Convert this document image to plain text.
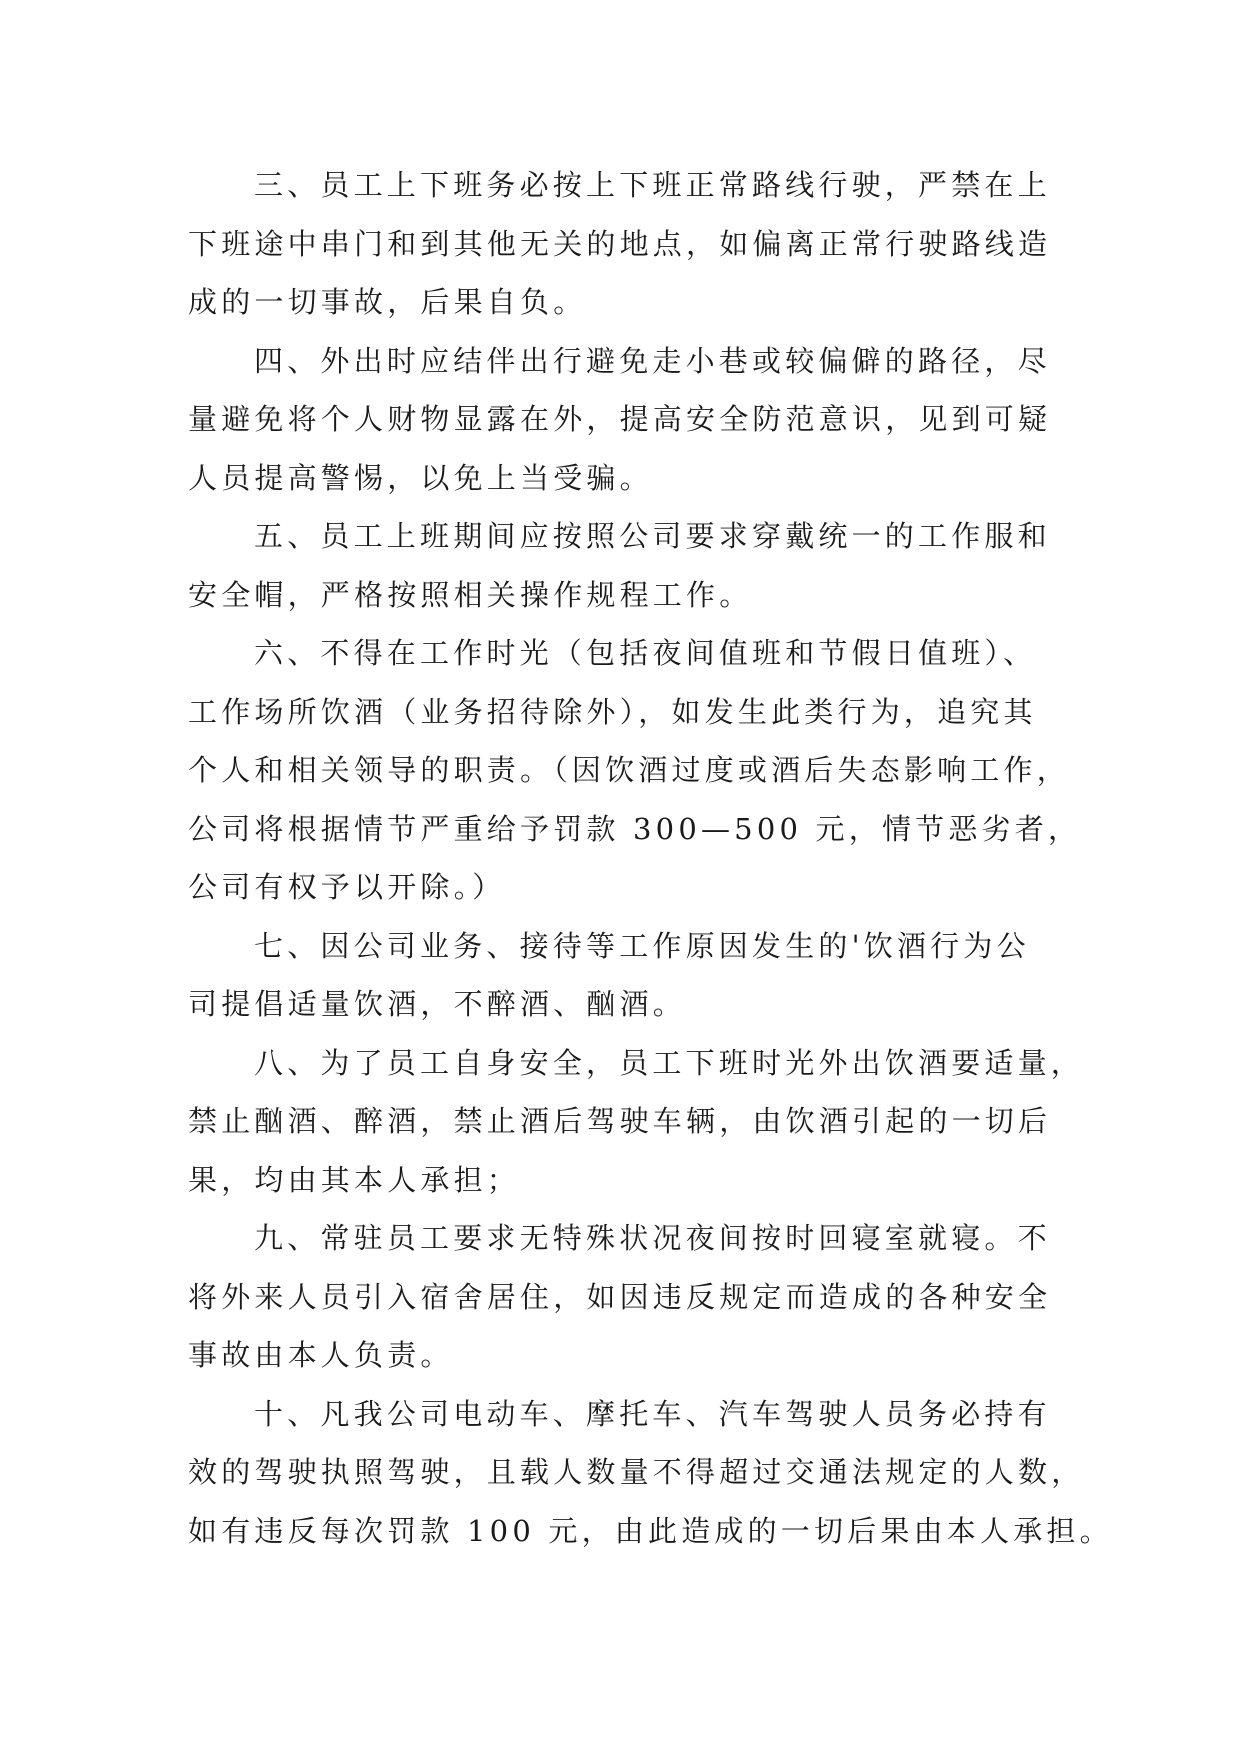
三、员工上下班务必按上下班正常路线行驶，严禁在上
下班途中串门和到其他无关的地点，如偏离正常行驶路线造
成的一切事故，后果自负。
四、外出时应结伴出行避免走小巷或较偏僻的路径，尽
量避免将个人财物显露在外，提高安全防范意识，见到可疑
人员提高警惕，以免上当受骗。
五、员工上班期间应按照公司要求穿戴统一的工作服和
安全帽，严格按照相关操作规程工作。
六、不得在工作时光（包括夜间值班和节假日值班）、
工作场所饮酒（业务招待除外），如发生此类行为，追究其
个人和相关领导的职责。（因饮酒过度或酒后失态影响工作，
公司将根据情节严重给予罚款 300—500 元，情节恶劣者，
公司有权予以开除。）
七、因公司业务、接待等工作原因发生的'饮酒行为公
司提倡适量饮酒，不醉酒、酗酒。
八、为了员工自身安全，员工下班时光外出饮酒要适量，
禁止酗酒、醉酒，禁止酒后驾驶车辆，由饮酒引起的一切后
果，均由其本人承担；
九、常驻员工要求无特殊状况夜间按时回寝室就寝。不
将外来人员引入宿舍居住，如因违反规定而造成的各种安全
事故由本人负责。
十、凡我公司电动车、摩托车、汽车驾驶人员务必持有
效的驾驶执照驾驶，且载人数量不得超过交通法规定的人数，
如有违反每次罚款 100 元，由此造成的一切后果由本人承担。
